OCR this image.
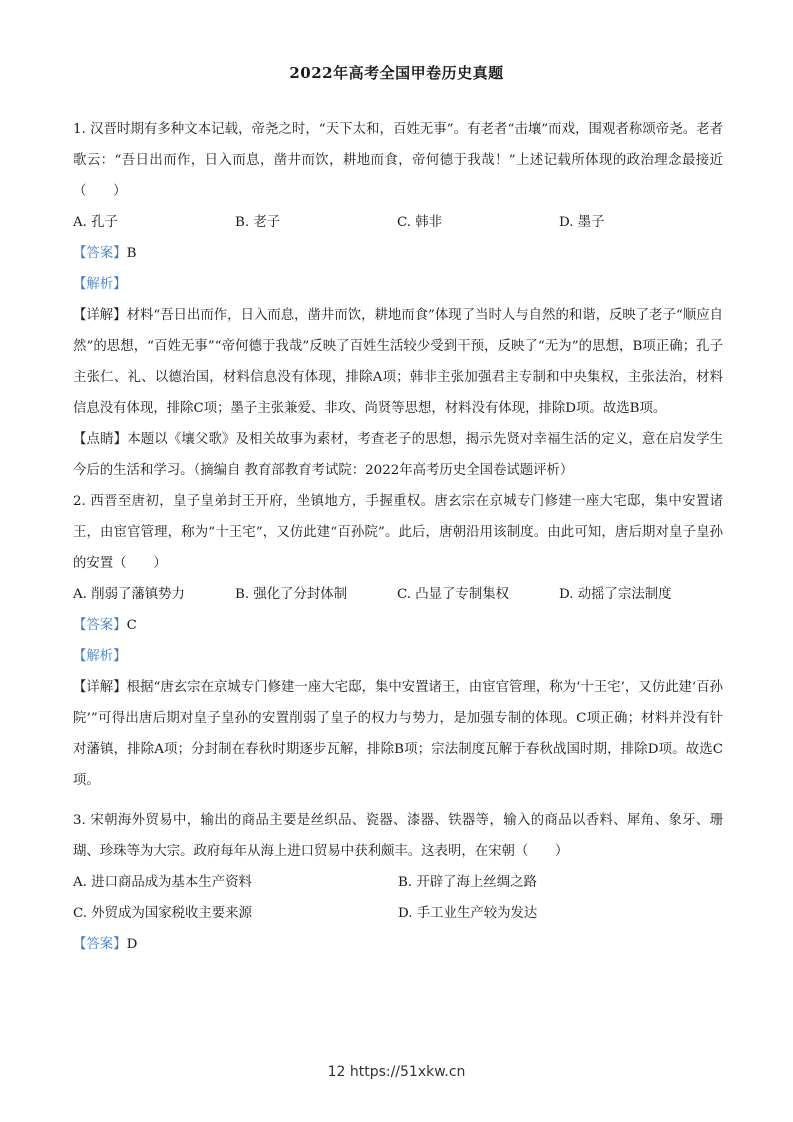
2022年高考全国甲卷历史真题

1. 汉晋时期有多种文本记载，帝尧之时，“天下太和，百姓无事”。有老者“击壤”而戏，围观者称颂帝尧。老者歌云：“吾日出而作，日入而息，凿井而饮，耕地而食，帝何德于我哉！”上述记载所体现的政治理念最接近（　　）

A. 孔子	B. 老子	C. 韩非	D. 墨子

【答案】B

【解析】

【详解】材料“吾日出而作，日入而息，凿井而饮，耕地而食”体现了当时人与自然的和谐，反映了老子“顺应自然”的思想，“百姓无事”“帝何德于我哉”反映了百姓生活较少受到干预，反映了“无为”的思想，B项正确；孔子主张仁、礼、以德治国，材料信息没有体现，排除A项；韩非主张加强君主专制和中央集权，主张法治，材料信息没有体现，排除C项；墨子主张兼爱、非攻、尚贤等思想，材料没有体现，排除D项。故选B项。

【点睛】本题以《壤父歌》及相关故事为素材，考查老子的思想，揭示先贤对幸福生活的定义，意在启发学生今后的生活和学习。（摘编自 教育部教育考试院：2022年高考历史全国卷试题评析）

2. 西晋至唐初，皇子皇弟封王开府，坐镇地方，手握重权。唐玄宗在京城专门修建一座大宅邸，集中安置诸王，由宦官管理，称为“十王宅”，又仿此建“百孙院”。此后，唐朝沿用该制度。由此可知，唐后期对皇子皇孙的安置（　　）

A. 削弱了藩镇势力	B. 强化了分封体制	C. 凸显了专制集权	D. 动摇了宗法制度

【答案】C

【解析】

【详解】根据“唐玄宗在京城专门修建一座大宅邸，集中安置诸王，由宦官管理，称为‘十王宅’，又仿此建‘百孙院’”可得出唐后期对皇子皇孙的安置削弱了皇子的权力与势力，是加强专制的体现。C项正确；材料并没有针对藩镇，排除A项；分封制在春秋时期逐步瓦解，排除B项；宗法制度瓦解于春秋战国时期，排除D项。故选C项。

3. 宋朝海外贸易中，输出的商品主要是丝织品、瓷器、漆器、铁器等，输入的商品以香料、犀角、象牙、珊瑚、珍珠等为大宗。政府每年从海上进口贸易中获利颇丰。这表明，在宋朝（　　）

A. 进口商品成为基本生产资料	B. 开辟了海上丝绸之路
C. 外贸成为国家税收主要来源	D. 手工业生产较为发达

【答案】D

12 https://51xkw.cn
